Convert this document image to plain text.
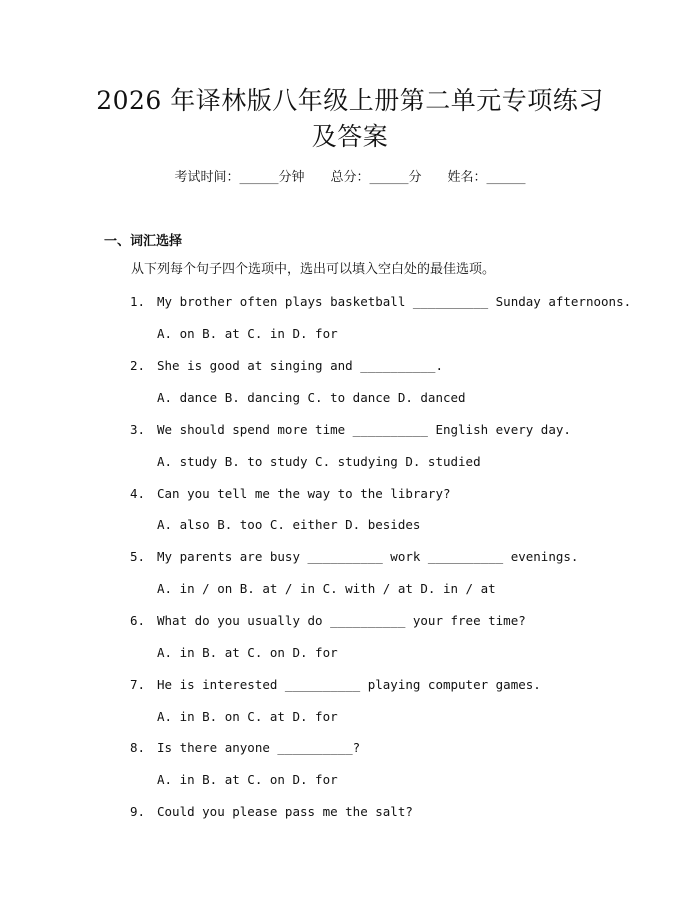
2026 年译林版八年级上册第二单元专项练习
及答案
考试时间：______分钟 总分：______分 姓名：______
一、词汇选择
从下列每个句子四个选项中，选出可以填入空白处的最佳选项。
1. My brother often plays basketball __________ Sunday afternoons.
A. on B. at C. in D. for
2. She is good at singing and __________.
A. dance B. dancing C. to dance D. danced
3. We should spend more time __________ English every day.
A. study B. to study C. studying D. studied
4. Can you tell me the way to the library?
A. also B. too C. either D. besides
5. My parents are busy __________ work __________ evenings.
A. in / on B. at / in C. with / at D. in / at
6. What do you usually do __________ your free time?
A. in B. at C. on D. for
7. He is interested __________ playing computer games.
A. in B. on C. at D. for
8. Is there anyone __________?
A. in B. at C. on D. for
9. Could you please pass me the salt?
